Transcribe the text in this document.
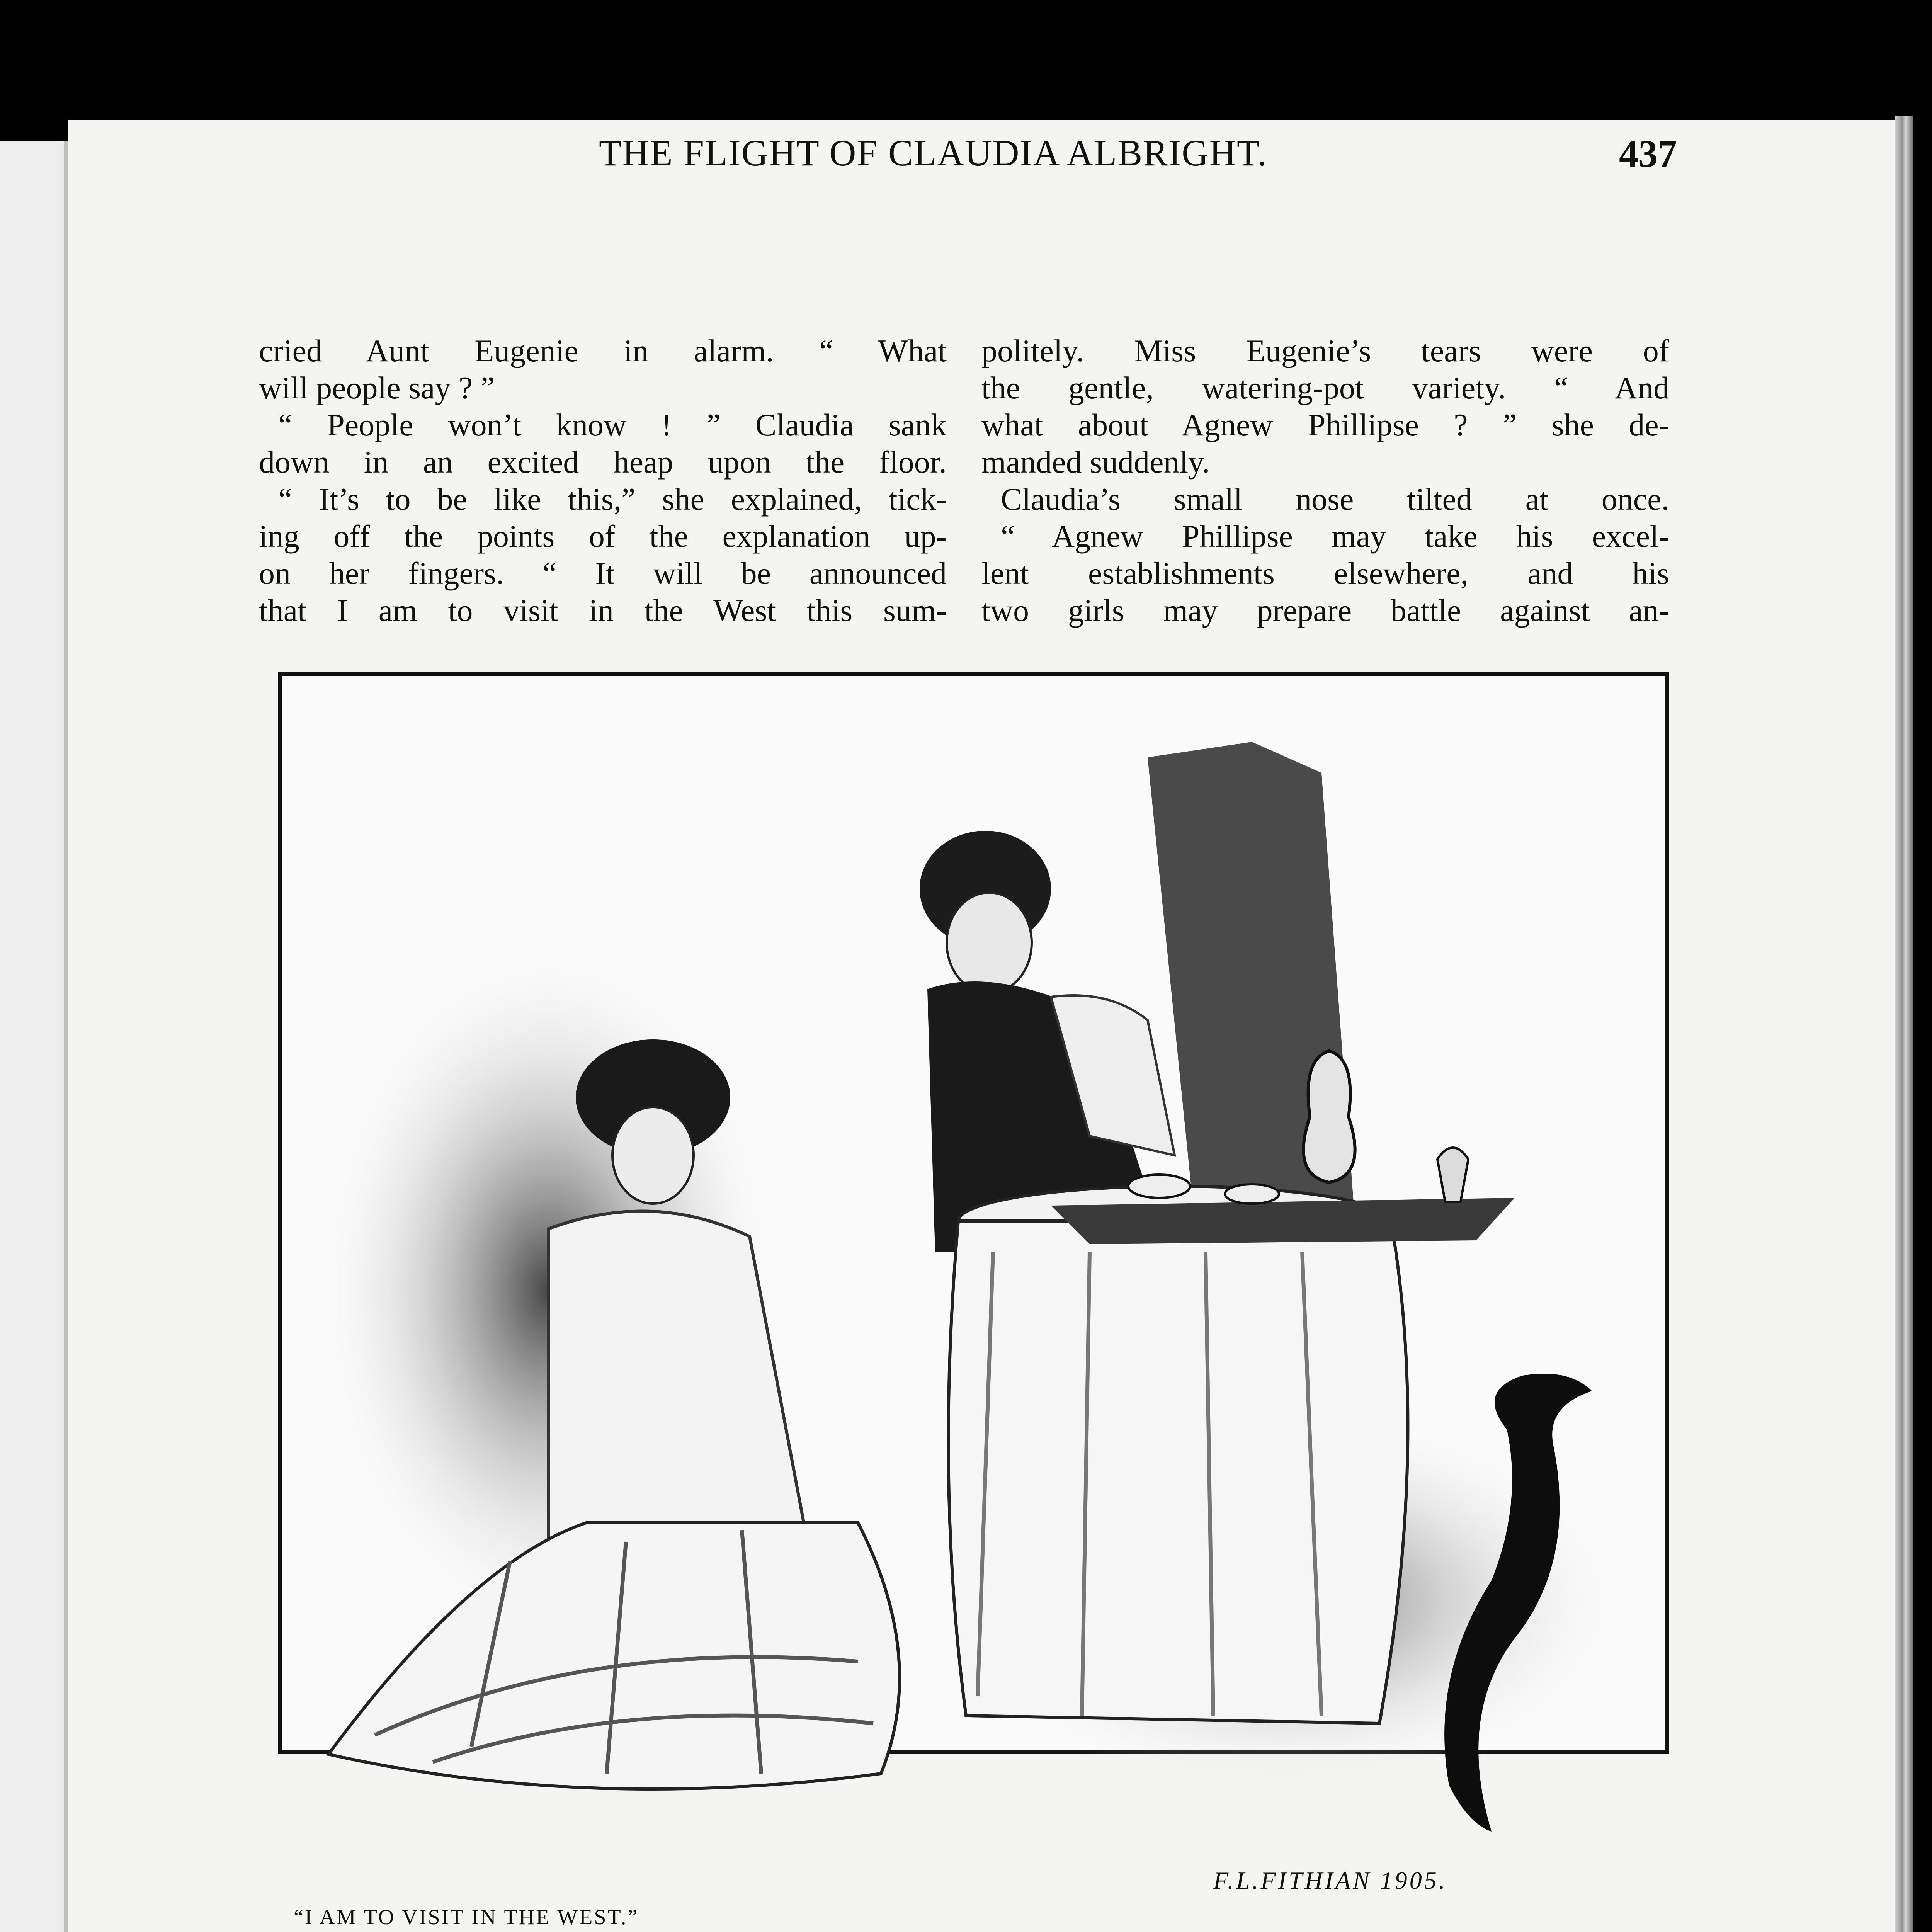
THE FLIGHT OF CLAUDIA ALBRIGHT.	437
cried Aunt Eugenie in alarm. “ What
will people say ? ”
“ People won’t know ! ” Claudia sank
down in an excited heap upon the floor.
“ It’s to be like this,” she explained, tick-
ing off the points of the explanation up-
on her fingers. “ It will be announced
that I am to visit in the West this sum-
politely. Miss Eugenie’s tears were of
the gentle, watering-pot variety. “ And
what about Agnew Phillipse ? ” she de-
manded suddenly.
Claudia’s small nose tilted at once.
“ Agnew Phillipse may take his excel-
lent establishments elsewhere, and his
two girls may prepare battle against an-
F.L.FITHIAN 1905.
“I AM TO VISIT IN THE WEST.”
